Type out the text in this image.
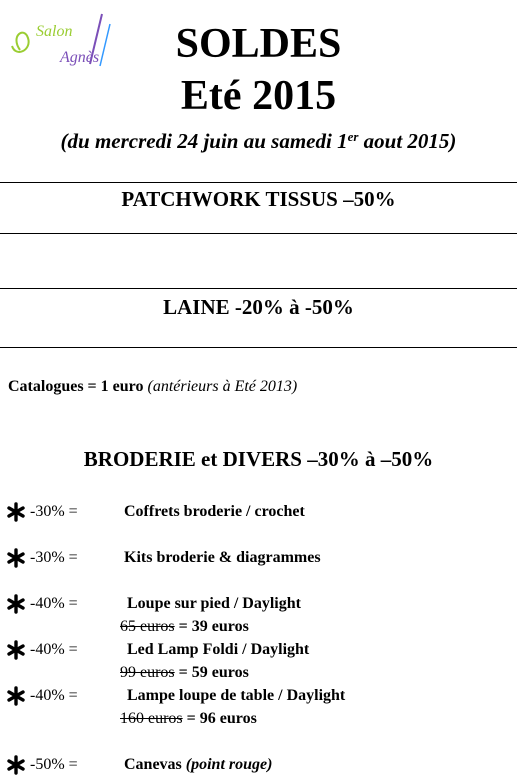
Salon
Agnès	SOLDES
Eté 2015
(du mercredi 24 juin au samedi 1er aout 2015)
PATCHWORK TISSUS –50%
LAINE -20% à -50%
Catalogues = 1 euro (antérieurs à Eté 2013)
BRODERIE et DIVERS –30% à –50%
-30% =	Coffrets broderie / crochet
-30% =	Kits broderie & diagrammes
-40% =	Loupe sur pied / Daylight
65 euros = 39 euros
-40% =	Led Lamp Foldi / Daylight
99 euros = 59 euros
-40% =	Lampe loupe de table / Daylight
160 euros = 96 euros
-50% =	Canevas (point rouge)
